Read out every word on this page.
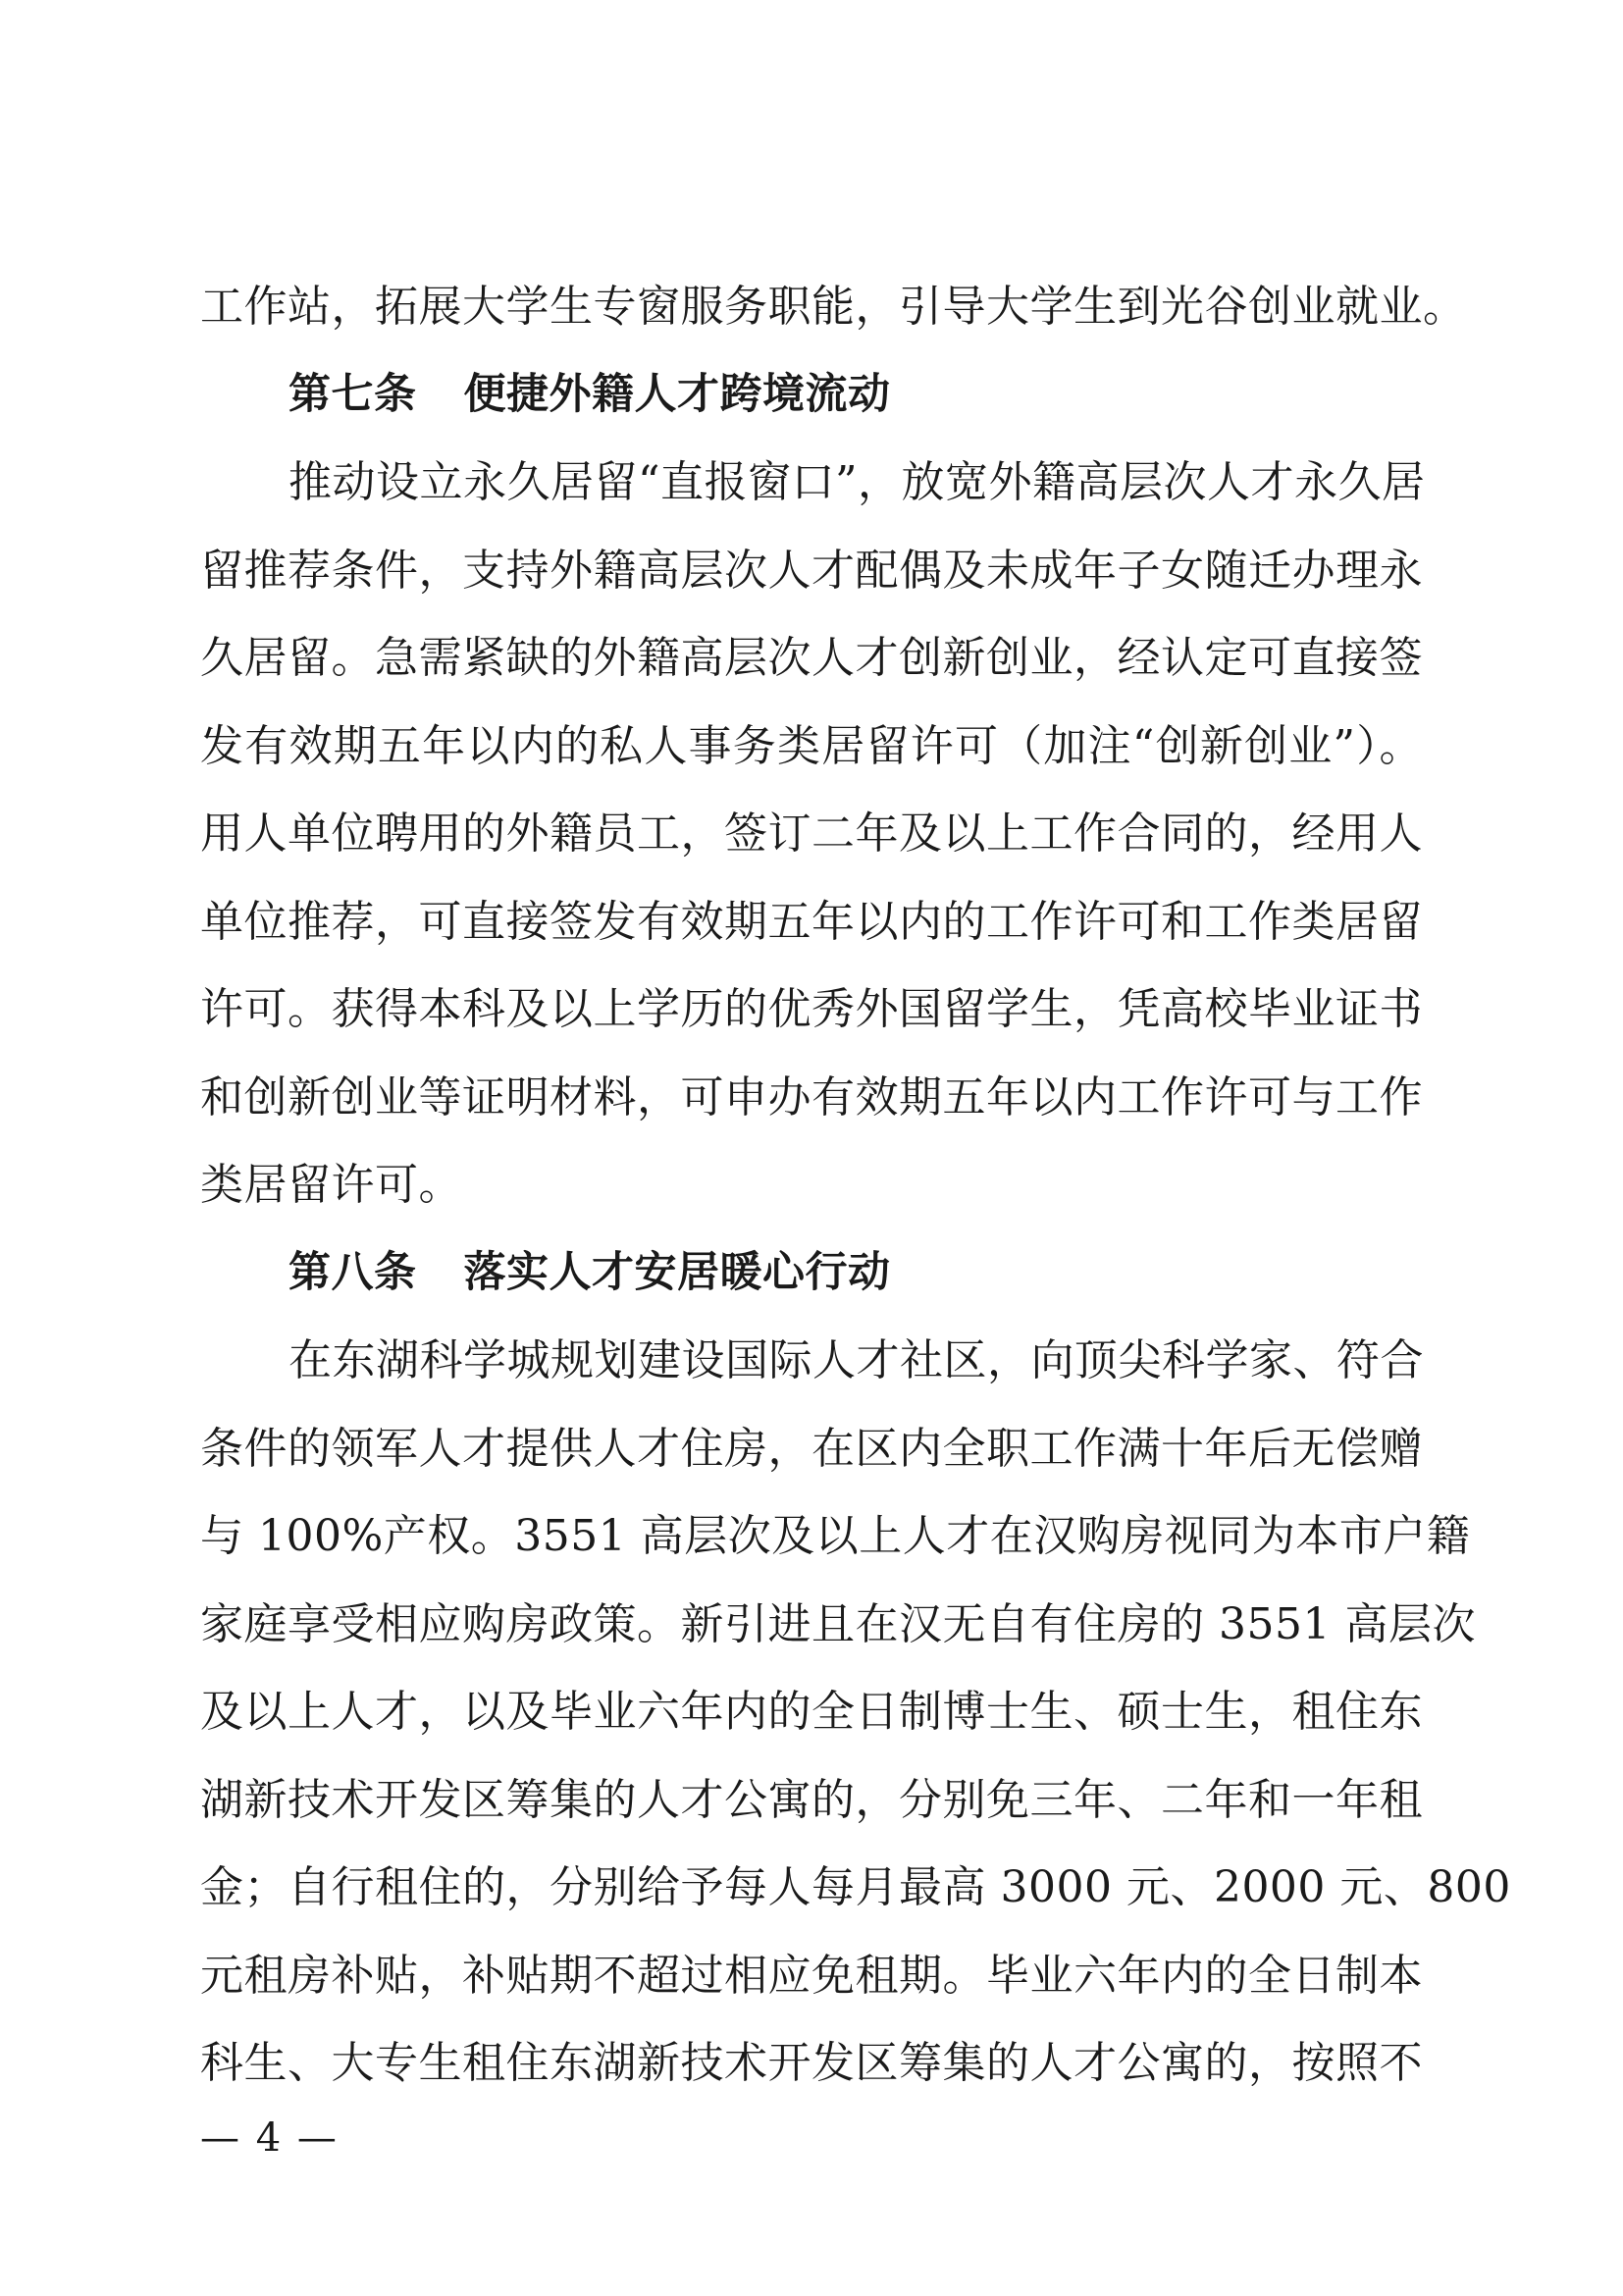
工作站，拓展大学生专窗服务职能，引导大学生到光谷创业就业。
第七条 便捷外籍人才跨境流动
推动设立永久居留“直报窗口”，放宽外籍高层次人才永久居
留推荐条件，支持外籍高层次人才配偶及未成年子女随迁办理永
久居留。急需紧缺的外籍高层次人才创新创业，经认定可直接签
发有效期五年以内的私人事务类居留许可（加注“创新创业”）。
用人单位聘用的外籍员工，签订二年及以上工作合同的，经用人
单位推荐，可直接签发有效期五年以内的工作许可和工作类居留
许可。获得本科及以上学历的优秀外国留学生，凭高校毕业证书
和创新创业等证明材料，可申办有效期五年以内工作许可与工作
类居留许可。
第八条 落实人才安居暖心行动
在东湖科学城规划建设国际人才社区，向顶尖科学家、符合
条件的领军人才提供人才住房，在区内全职工作满十年后无偿赠
与 100%产权。3551 高层次及以上人才在汉购房视同为本市户籍
家庭享受相应购房政策。新引进且在汉无自有住房的 3551 高层次
及以上人才，以及毕业六年内的全日制博士生、硕士生，租住东
湖新技术开发区筹集的人才公寓的，分别免三年、二年和一年租
金；自行租住的，分别给予每人每月最高 3000 元、2000 元、800
元租房补贴，补贴期不超过相应免租期。毕业六年内的全日制本
科生、大专生租住东湖新技术开发区筹集的人才公寓的，按照不
— 4 —
